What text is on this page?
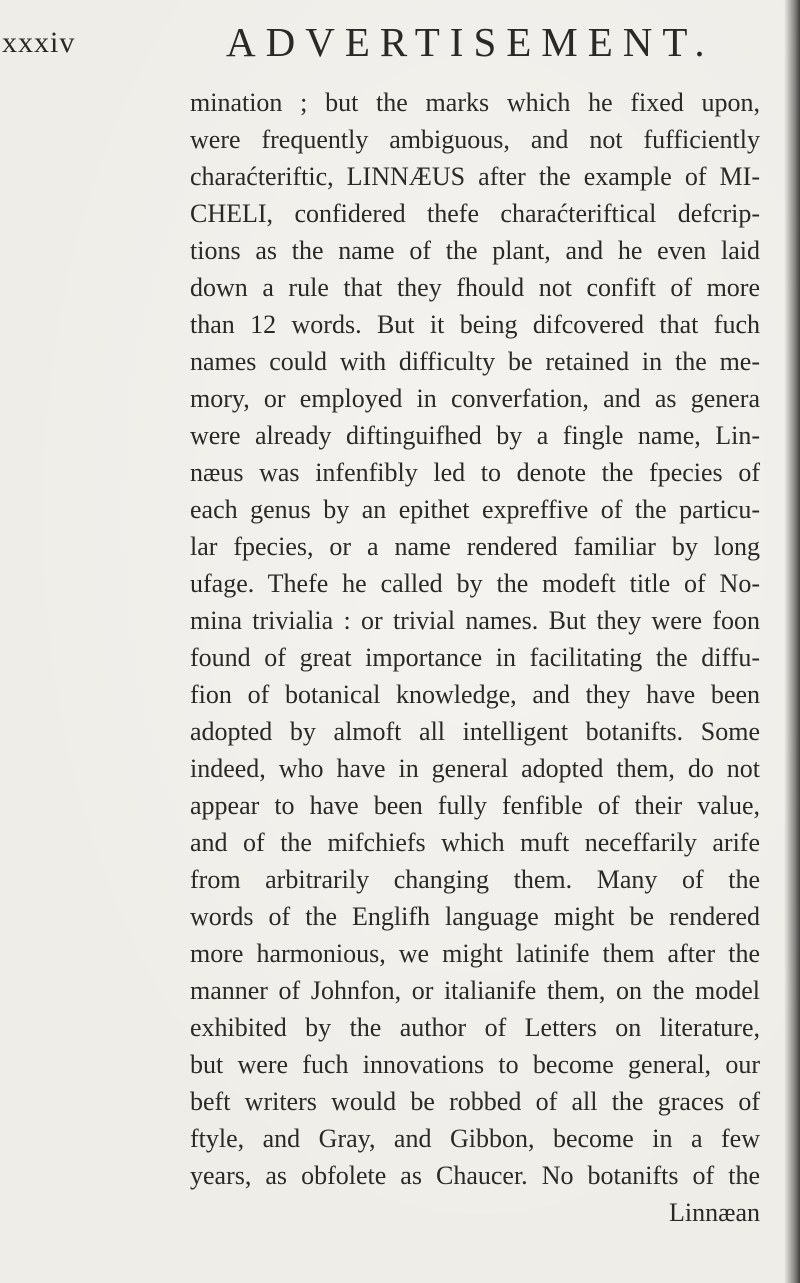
xxxiv	ADVERTISEMENT.
mination ; but the marks which he fixed upon,
were frequently ambiguous, and not fufficiently
charaćteriftic, LINNÆUS after the example of MI-
CHELI, confidered thefe charaćteriftical defcrip-
tions as the name of the plant, and he even laid
down a rule that they fhould not confift of more
than 12 words. But it being difcovered that fuch
names could with difficulty be retained in the me-
mory, or employed in converfation, and as genera
were already diftinguifhed by a fingle name, Lin-
næus was infenfibly led to denote the fpecies of
each genus by an epithet expreffive of the particu-
lar fpecies, or a name rendered familiar by long
ufage. Thefe he called by the modeft title of No-
mina trivialia : or trivial names. But they were foon
found of great importance in facilitating the diffu-
fion of botanical knowledge, and they have been
adopted by almoft all intelligent botanifts. Some
indeed, who have in general adopted them, do not
appear to have been fully fenfible of their value,
and of the mifchiefs which muft neceffarily arife
from arbitrarily changing them. Many of the
words of the Englifh language might be rendered
more harmonious, we might latinife them after the
manner of Johnfon, or italianife them, on the model
exhibited by the author of Letters on literature,
but were fuch innovations to become general, our
beft writers would be robbed of all the graces of
ftyle, and Gray, and Gibbon, become in a few
years, as obfolete as Chaucer. No botanifts of the
Linnæan
